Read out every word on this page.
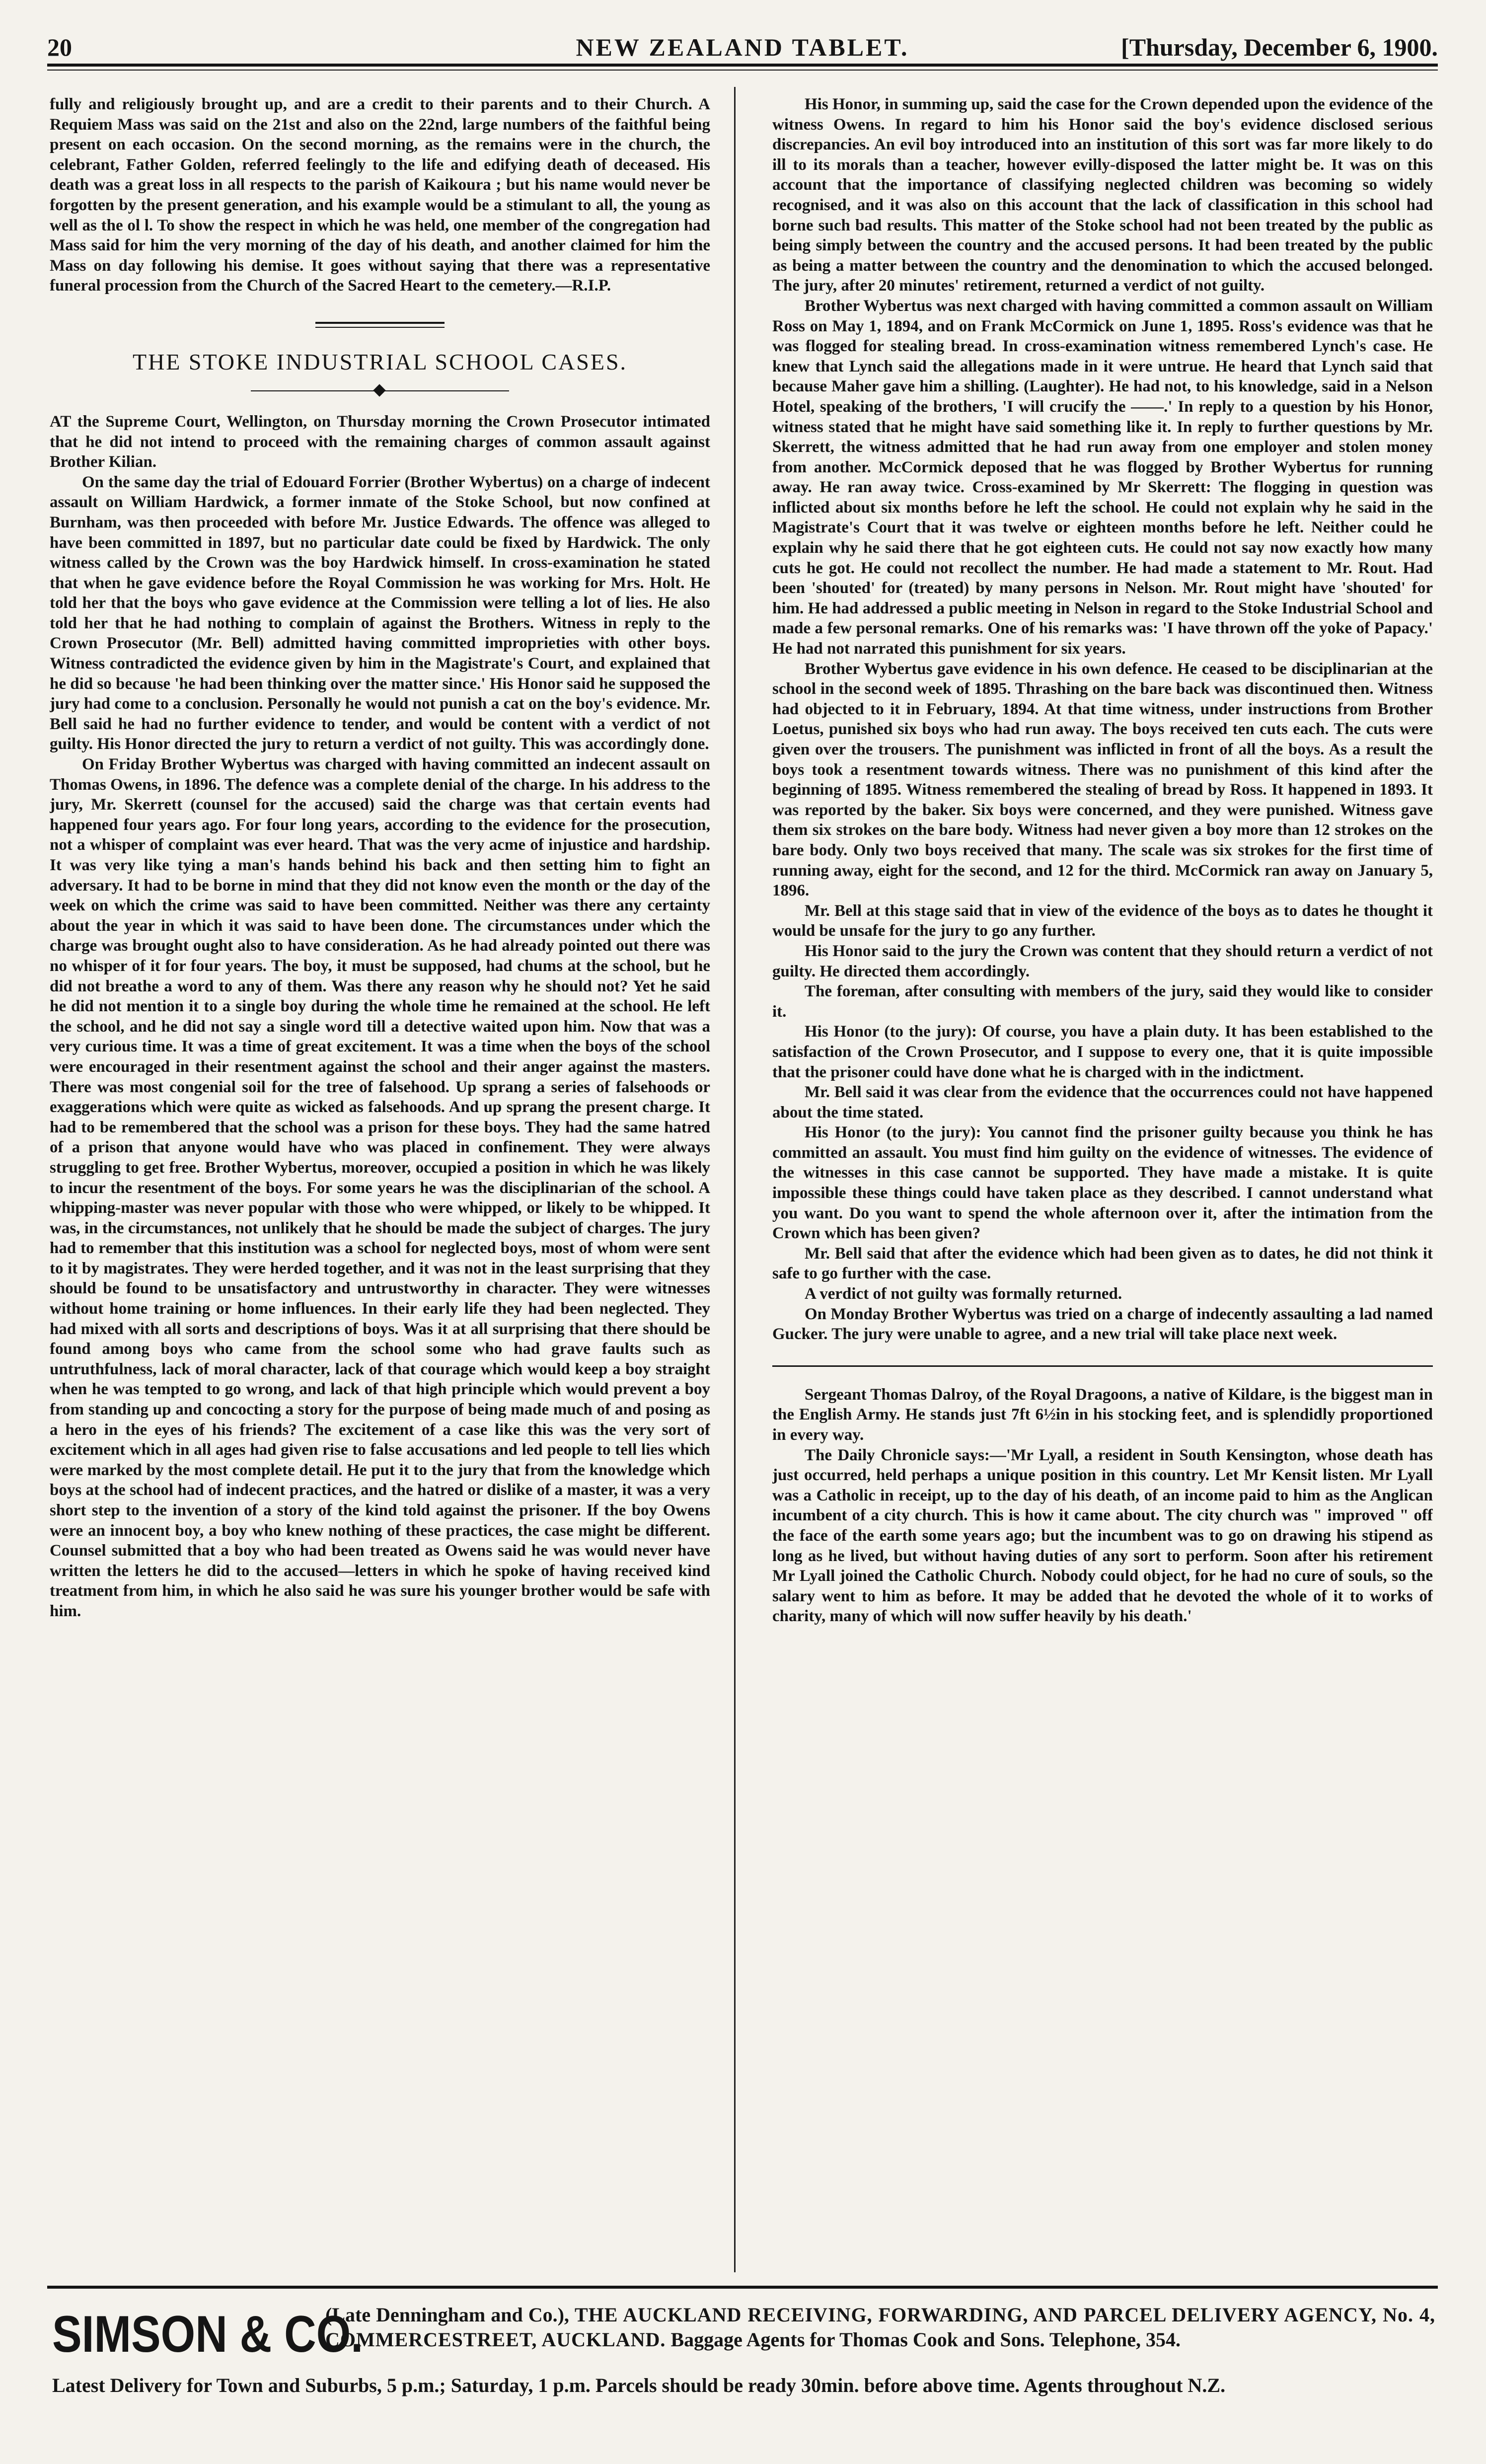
20	NEW ZEALAND TABLET.	[Thursday, December 6, 1900.

fully and religiously brought up, and are a credit to their parents and to their Church. A Requiem Mass was said on the 21st and also on the 22nd, large numbers of the faithful being present on each occasion. On the second morning, as the remains were in the church, the celebrant, Father Golden, referred feelingly to the life and edifying death of deceased. His death was a great loss in all respects to the parish of Kaikoura ; but his name would never be forgotten by the present generation, and his example would be a stimulant to all, the young as well as the ol l. To show the respect in which he was held, one member of the congregation had Mass said for him the very morning of the day of his death, and another claimed for him the Mass on day following his demise. It goes without saying that there was a representative funeral procession from the Church of the Sacred Heart to the cemetery.—R.I.P.

THE STOKE INDUSTRIAL SCHOOL CASES.

AT the Supreme Court, Wellington, on Thursday morning the Crown Prosecutor intimated that he did not intend to proceed with the remaining charges of common assault against Brother Kilian.

On the same day the trial of Edouard Forrier (Brother Wybertus) on a charge of indecent assault on William Hardwick, a former inmate of the Stoke School, but now confined at Burnham, was then proceeded with before Mr. Justice Edwards. The offence was alleged to have been committed in 1897, but no particular date could be fixed by Hardwick. The only witness called by the Crown was the boy Hardwick himself. In cross-examination he stated that when he gave evidence before the Royal Commission he was working for Mrs. Holt. He told her that the boys who gave evidence at the Commission were telling a lot of lies. He also told her that he had nothing to complain of against the Brothers. Witness in reply to the Crown Prosecutor (Mr. Bell) admitted having committed improprieties with other boys. Witness contradicted the evidence given by him in the Magistrate's Court, and explained that he did so because 'he had been thinking over the matter since.' His Honor said he supposed the jury had come to a conclusion. Personally he would not punish a cat on the boy's evidence. Mr. Bell said he had no further evidence to tender, and would be content with a verdict of not guilty. His Honor directed the jury to return a verdict of not guilty. This was accordingly done.

On Friday Brother Wybertus was charged with having committed an indecent assault on Thomas Owens, in 1896. The defence was a complete denial of the charge. In his address to the jury, Mr. Skerrett (counsel for the accused) said the charge was that certain events had happened four years ago. For four long years, according to the evidence for the prosecution, not a whisper of complaint was ever heard. That was the very acme of injustice and hardship. It was very like tying a man's hands behind his back and then setting him to fight an adversary. It had to be borne in mind that they did not know even the month or the day of the week on which the crime was said to have been committed. Neither was there any certainty about the year in which it was said to have been done. The circumstances under which the charge was brought ought also to have consideration. As he had already pointed out there was no whisper of it for four years. The boy, it must be supposed, had chums at the school, but he did not breathe a word to any of them. Was there any reason why he should not? Yet he said he did not mention it to a single boy during the whole time he remained at the school. He left the school, and he did not say a single word till a detective waited upon him. Now that was a very curious time. It was a time of great excitement. It was a time when the boys of the school were encouraged in their resentment against the school and their anger against the masters. There was most congenial soil for the tree of falsehood. Up sprang a series of falsehoods or exaggerations which were quite as wicked as falsehoods. And up sprang the present charge. It had to be remembered that the school was a prison for these boys. They had the same hatred of a prison that anyone would have who was placed in confinement. They were always struggling to get free. Brother Wybertus, moreover, occupied a position in which he was likely to incur the resentment of the boys. For some years he was the disciplinarian of the school. A whipping-master was never popular with those who were whipped, or likely to be whipped. It was, in the circumstances, not unlikely that he should be made the subject of charges. The jury had to remember that this institution was a school for neglected boys, most of whom were sent to it by magistrates. They were herded together, and it was not in the least surprising that they should be found to be unsatisfactory and untrustworthy in character. They were witnesses without home training or home influences. In their early life they had been neglected. They had mixed with all sorts and descriptions of boys. Was it at all surprising that there should be found among boys who came from the school some who had grave faults such as untruthfulness, lack of moral character, lack of that courage which would keep a boy straight when he was tempted to go wrong, and lack of that high principle which would prevent a boy from standing up and concocting a story for the purpose of being made much of and posing as a hero in the eyes of his friends? The excitement of a case like this was the very sort of excitement which in all ages had given rise to false accusations and led people to tell lies which were marked by the most complete detail. He put it to the jury that from the knowledge which boys at the school had of indecent practices, and the hatred or dislike of a master, it was a very short step to the invention of a story of the kind told against the prisoner. If the boy Owens were an innocent boy, a boy who knew nothing of these practices, the case might be different. Counsel submitted that a boy who had been treated as Owens said he was would never have written the letters he did to the accused—letters in which he spoke of having received kind treatment from him, in which he also said he was sure his younger brother would be safe with him.

His Honor, in summing up, said the case for the Crown depended upon the evidence of the witness Owens. In regard to him his Honor said the boy's evidence disclosed serious discrepancies. An evil boy introduced into an institution of this sort was far more likely to do ill to its morals than a teacher, however evilly-disposed the latter might be. It was on this account that the importance of classifying neglected children was becoming so widely recognised, and it was also on this account that the lack of classification in this school had borne such bad results. This matter of the Stoke school had not been treated by the public as being simply between the country and the accused persons. It had been treated by the public as being a matter between the country and the denomination to which the accused belonged. The jury, after 20 minutes' retirement, returned a verdict of not guilty.

Brother Wybertus was next charged with having committed a common assault on William Ross on May 1, 1894, and on Frank McCormick on June 1, 1895. Ross's evidence was that he was flogged for stealing bread. In cross-examination witness remembered Lynch's case. He knew that Lynch said the allegations made in it were untrue. He heard that Lynch said that because Maher gave him a shilling. (Laughter). He had not, to his knowledge, said in a Nelson Hotel, speaking of the brothers, 'I will crucify the ——.' In reply to a question by his Honor, witness stated that he might have said something like it. In reply to further questions by Mr. Skerrett, the witness admitted that he had run away from one employer and stolen money from another. McCormick deposed that he was flogged by Brother Wybertus for running away. He ran away twice. Cross-examined by Mr Skerrett: The flogging in question was inflicted about six months before he left the school. He could not explain why he said in the Magistrate's Court that it was twelve or eighteen months before he left. Neither could he explain why he said there that he got eighteen cuts. He could not say now exactly how many cuts he got. He could not recollect the number. He had made a statement to Mr. Rout. Had been 'shouted' for (treated) by many persons in Nelson. Mr. Rout might have 'shouted' for him. He had addressed a public meeting in Nelson in regard to the Stoke Industrial School and made a few personal remarks. One of his remarks was: 'I have thrown off the yoke of Papacy.' He had not narrated this punishment for six years.

Brother Wybertus gave evidence in his own defence. He ceased to be disciplinarian at the school in the second week of 1895. Thrashing on the bare back was discontinued then. Witness had objected to it in February, 1894. At that time witness, under instructions from Brother Loetus, punished six boys who had run away. The boys received ten cuts each. The cuts were given over the trousers. The punishment was inflicted in front of all the boys. As a result the boys took a resentment towards witness. There was no punishment of this kind after the beginning of 1895. Witness remembered the stealing of bread by Ross. It happened in 1893. It was reported by the baker. Six boys were concerned, and they were punished. Witness gave them six strokes on the bare body. Witness had never given a boy more than 12 strokes on the bare body. Only two boys received that many. The scale was six strokes for the first time of running away, eight for the second, and 12 for the third. McCormick ran away on January 5, 1896.

Mr. Bell at this stage said that in view of the evidence of the boys as to dates he thought it would be unsafe for the jury to go any further.

His Honor said to the jury the Crown was content that they should return a verdict of not guilty. He directed them accordingly.

The foreman, after consulting with members of the jury, said they would like to consider it.

His Honor (to the jury): Of course, you have a plain duty. It has been established to the satisfaction of the Crown Prosecutor, and I suppose to every one, that it is quite impossible that the prisoner could have done what he is charged with in the indictment.

Mr. Bell said it was clear from the evidence that the occurrences could not have happened about the time stated.

His Honor (to the jury): You cannot find the prisoner guilty because you think he has committed an assault. You must find him guilty on the evidence of witnesses. The evidence of the witnesses in this case cannot be supported. They have made a mistake. It is quite impossible these things could have taken place as they described. I cannot understand what you want. Do you want to spend the whole afternoon over it, after the intimation from the Crown which has been given?

Mr. Bell said that after the evidence which had been given as to dates, he did not think it safe to go further with the case.

A verdict of not guilty was formally returned.

On Monday Brother Wybertus was tried on a charge of indecently assaulting a lad named Gucker. The jury were unable to agree, and a new trial will take place next week.

Sergeant Thomas Dalroy, of the Royal Dragoons, a native of Kildare, is the biggest man in the English Army. He stands just 7ft 6½in in his stocking feet, and is splendidly proportioned in every way.

The Daily Chronicle says:—'Mr Lyall, a resident in South Kensington, whose death has just occurred, held perhaps a unique position in this country. Let Mr Kensit listen. Mr Lyall was a Catholic in receipt, up to the day of his death, of an income paid to him as the Anglican incumbent of a city church. This is how it came about. The city church was " improved " off the face of the earth some years ago; but the incumbent was to go on drawing his stipend as long as he lived, but without having duties of any sort to perform. Soon after his retirement Mr Lyall joined the Catholic Church. Nobody could object, for he had no cure of souls, so the salary went to him as before. It may be added that he devoted the whole of it to works of charity, many of which will now suffer heavily by his death.'

SIMSON & CO.
(Late Denningham and Co.), THE AUCKLAND RECEIVING, FORWARDING, AND PARCEL DELIVERY AGENCY, No. 4, COMMERCESTREET, AUCKLAND. Baggage Agents for Thomas Cook and Sons. Telephone, 354.
Latest Delivery for Town and Suburbs, 5 p.m.; Saturday, 1 p.m. Parcels should be ready 30min. before above time. Agents throughout N.Z.
